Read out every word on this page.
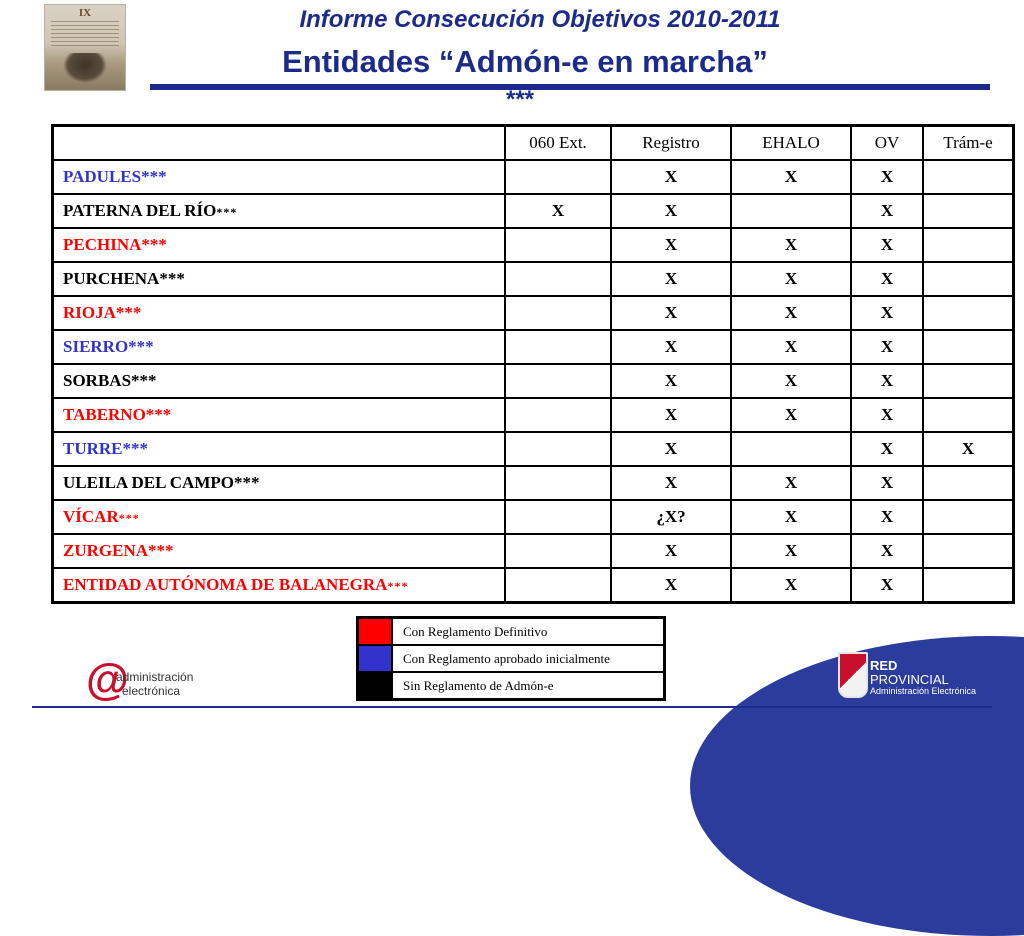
IX	Informe Consecución Objetivos 2010-2011
Entidades “Admón-e en marcha”
***
	060 Ext.	Registro	EHALO	OV	Trám-e
PADULES***		X	X	X	
PATERNA DEL RÍO***	X	X		X	
PECHINA***		X	X	X	
PURCHENA***		X	X	X	
RIOJA***		X	X	X	
SIERRO***		X	X	X	
SORBAS***		X	X	X	
TABERNO***		X	X	X	
TURRE***		X		X	X
ULEILA DEL CAMPO***		X	X	X	
VÍCAR***		¿X?	X	X	
ZURGENA***		X	X	X	
ENTIDAD AUTÓNOMA DE BALANEGRA***		X	X	X	
	Con Reglamento Definitivo
	Con Reglamento aprobado inicialmente
	Sin Reglamento de Admón-e
@
administración
electrónica
RED
PROVINCIAL
Administración Electrónica
